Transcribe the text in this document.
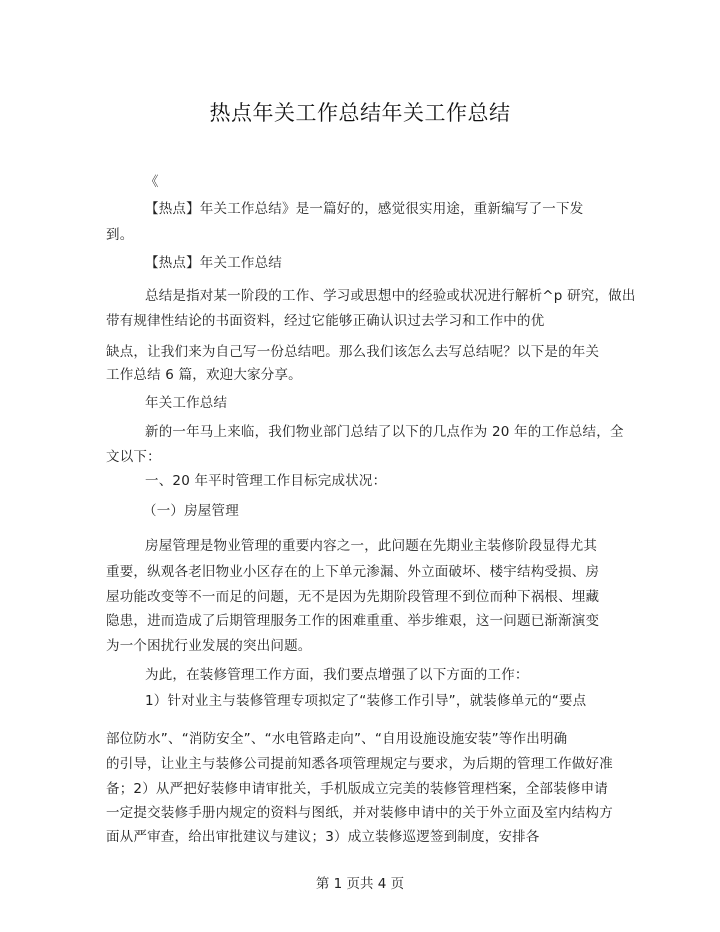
热点年关工作总结年关工作总结
《
【热点】年关工作总结》是一篇好的，感觉很实用途，重新编写了一下发
到。
【热点】年关工作总结
总结是指对某一阶段的工作、学习或思想中的经验或状况进行解析^p 研究，做出
带有规律性结论的书面资料，经过它能够正确认识过去学习和工作中的优
缺点，让我们来为自己写一份总结吧。那么我们该怎么去写总结呢？以下是的年关
工作总结 6 篇，欢迎大家分享。
年关工作总结
新的一年马上来临，我们物业部门总结了以下的几点作为 20 年的工作总结，全
文以下：
一、20 年平时管理工作目标完成状况：
（一）房屋管理
房屋管理是物业管理的重要内容之一，此问题在先期业主装修阶段显得尤其
重要，纵观各老旧物业小区存在的上下单元渗漏、外立面破坏、楼宇结构受损、房
屋功能改变等不一而足的问题，无不是因为先期阶段管理不到位而种下祸根、埋藏
隐患，进而造成了后期管理服务工作的困难重重、举步维艰，这一问题已渐渐演变
为一个困扰行业发展的突出问题。
为此，在装修管理工作方面，我们要点增强了以下方面的工作：
1）针对业主与装修管理专项拟定了“装修工作引导”，就装修单元的“要点
部位防水”、“消防安全”、“水电管路走向”、“自用设施设施安装”等作出明确
的引导，让业主与装修公司提前知悉各项管理规定与要求，为后期的管理工作做好准
备；2）从严把好装修申请审批关，手机版成立完美的装修管理档案，全部装修申请
一定提交装修手册内规定的资料与图纸，并对装修申请中的关于外立面及室内结构方
面从严审查，给出审批建议与建议；3）成立装修巡逻签到制度，安排各
第 1 页共 4 页
